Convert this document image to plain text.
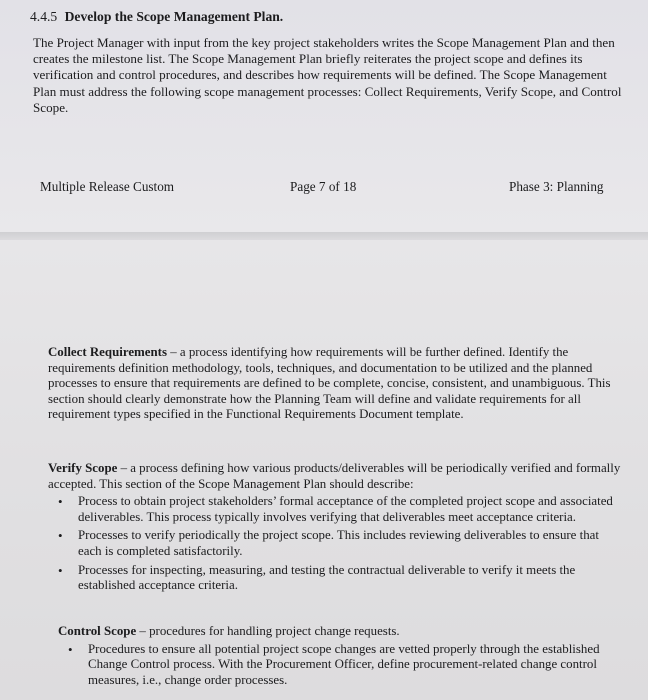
4.4.5 Develop the Scope Management Plan.
The Project Manager with input from the key project stakeholders writes the Scope Management Plan and then creates the milestone list. The Scope Management Plan briefly reiterates the project scope and defines its verification and control procedures, and describes how requirements will be defined. The Scope Management Plan must address the following scope management processes: Collect Requirements, Verify Scope, and Control Scope.
Multiple Release Custom	Page 7 of 18	Phase 3: Planning
Collect Requirements – a process identifying how requirements will be further defined. Identify the requirements definition methodology, tools, techniques, and documentation to be utilized and the planned processes to ensure that requirements are defined to be complete, concise, consistent, and unambiguous. This section should clearly demonstrate how the Planning Team will define and validate requirements for all requirement types specified in the Functional Requirements Document template.
Verify Scope – a process defining how various products/deliverables will be periodically verified and formally accepted. This section of the Scope Management Plan should describe:
• Process to obtain project stakeholders’ formal acceptance of the completed project scope and associated deliverables. This process typically involves verifying that deliverables meet acceptance criteria.
• Processes to verify periodically the project scope. This includes reviewing deliverables to ensure that each is completed satisfactorily.
• Processes for inspecting, measuring, and testing the contractual deliverable to verify it meets the established acceptance criteria.
Control Scope – procedures for handling project change requests.
• Procedures to ensure all potential project scope changes are vetted properly through the established Change Control process. With the Procurement Officer, define procurement-related change control measures, i.e., change order processes.
